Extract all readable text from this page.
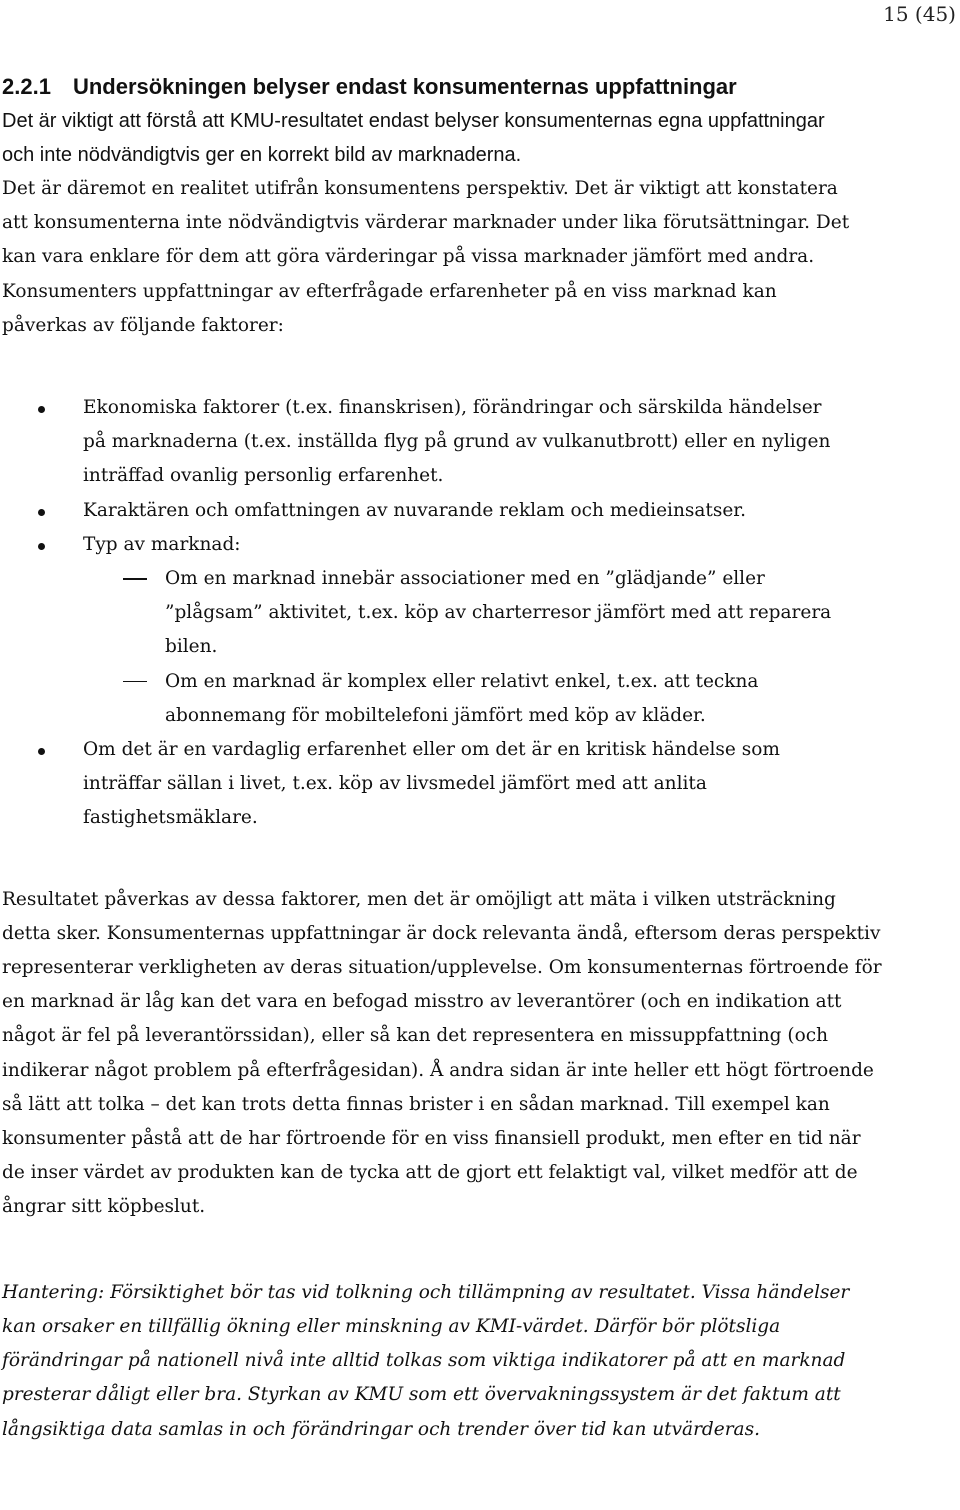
15 (45)
2.2.1 Undersökningen belyser endast konsumenternas uppfattningar

Det är viktigt att förstå att KMU-resultatet endast belyser konsumenternas egna uppfattningar och inte nödvändigtvis ger en korrekt bild av marknaderna.

Det är däremot en realitet utifrån konsumentens perspektiv. Det är viktigt att konstatera att konsumenterna inte nödvändigtvis värderar marknader under lika förutsättningar. Det kan vara enklare för dem att göra värderingar på vissa marknader jämfört med andra. Konsumenters uppfattningar av efterfrågade erfarenheter på en viss marknad kan påverkas av följande faktorer:

Ekonomiska faktorer (t.ex. finanskrisen), förändringar och särskilda händelser på marknaderna (t.ex. inställda flyg på grund av vulkanutbrott) eller en nyligen inträffad ovanlig personlig erfarenhet.
Karaktären och omfattningen av nuvarande reklam och medieinsatser.
Typ av marknad:
Om en marknad innebär associationer med en ”glädjande” eller ”plågsam” aktivitet, t.ex. köp av charterresor jämfört med att reparera bilen.
Om en marknad är komplex eller relativt enkel, t.ex. att teckna abonnemang för mobiltelefoni jämfört med köp av kläder.
Om det är en vardaglig erfarenhet eller om det är en kritisk händelse som inträffar sällan i livet, t.ex. köp av livsmedel jämfört med att anlita fastighetsmäklare.

Resultatet påverkas av dessa faktorer, men det är omöjligt att mäta i vilken utsträckning detta sker. Konsumenternas uppfattningar är dock relevanta ändå, eftersom deras perspektiv representerar verkligheten av deras situation/upplevelse. Om konsumenternas förtroende för en marknad är låg kan det vara en befogad misstro av leverantörer (och en indikation att något är fel på leverantörssidan), eller så kan det representera en missuppfattning (och indikerar något problem på efterfrågesidan). Å andra sidan är inte heller ett högt förtroende så lätt att tolka – det kan trots detta finnas brister i en sådan marknad. Till exempel kan konsumenter påstå att de har förtroende för en viss finansiell produkt, men efter en tid när de inser värdet av produkten kan de tycka att de gjort ett felaktigt val, vilket medför att de ångrar sitt köpbeslut.

Hantering: Försiktighet bör tas vid tolkning och tillämpning av resultatet. Vissa händelser kan orsaker en tillfällig ökning eller minskning av KMI-värdet. Därför bör plötsliga förändringar på nationell nivå inte alltid tolkas som viktiga indikatorer på att en marknad presterar dåligt eller bra. Styrkan av KMU som ett övervakningssystem är det faktum att långsiktiga data samlas in och förändringar och trender över tid kan utvärderas.
